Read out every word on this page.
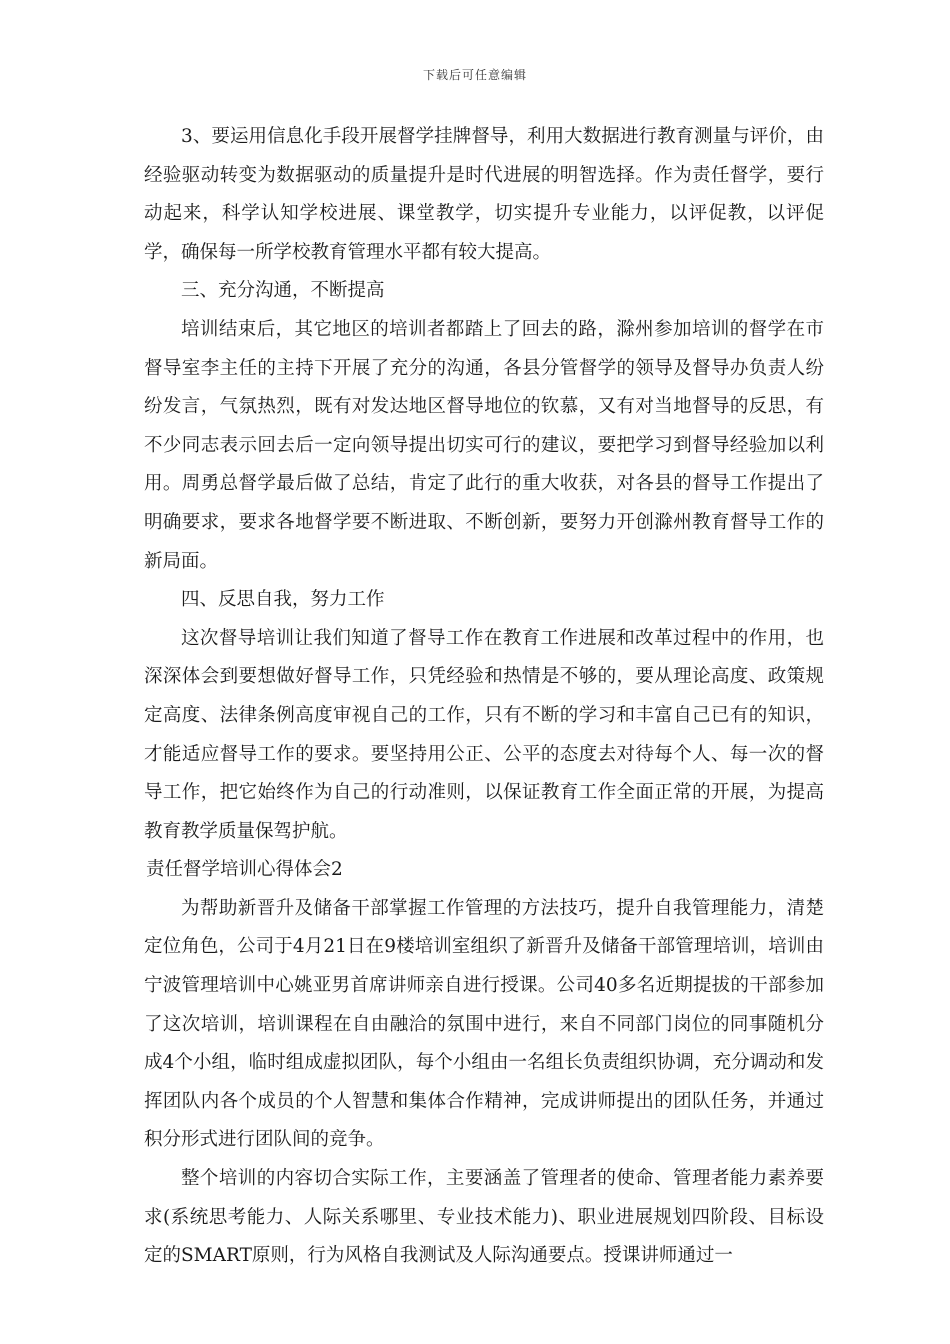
下载后可任意编辑

3、要运用信息化手段开展督学挂牌督导，利用大数据进行教育测量与评价，由经验驱动转变为数据驱动的质量提升是时代进展的明智选择。作为责任督学，要行动起来，科学认知学校进展、课堂教学，切实提升专业能力，以评促教，以评促学，确保每一所学校教育管理水平都有较大提高。

三、充分沟通，不断提高

培训结束后，其它地区的培训者都踏上了回去的路，滁州参加培训的督学在市督导室李主任的主持下开展了充分的沟通，各县分管督学的领导及督导办负责人纷纷发言，气氛热烈，既有对发达地区督导地位的钦慕，又有对当地督导的反思，有不少同志表示回去后一定向领导提出切实可行的建议，要把学习到督导经验加以利用。周勇总督学最后做了总结，肯定了此行的重大收获，对各县的督导工作提出了明确要求，要求各地督学要不断进取、不断创新，要努力开创滁州教育督导工作的新局面。

四、反思自我，努力工作

这次督导培训让我们知道了督导工作在教育工作进展和改革过程中的作用，也深深体会到要想做好督导工作，只凭经验和热情是不够的，要从理论高度、政策规定高度、法律条例高度审视自己的工作，只有不断的学习和丰富自己已有的知识，才能适应督导工作的要求。要坚持用公正、公平的态度去对待每个人、每一次的督导工作，把它始终作为自己的行动准则，以保证教育工作全面正常的开展，为提高教育教学质量保驾护航。

责任督学培训心得体会2

为帮助新晋升及储备干部掌握工作管理的方法技巧，提升自我管理能力，清楚定位角色，公司于4月21日在9楼培训室组织了新晋升及储备干部管理培训，培训由宁波管理培训中心姚亚男首席讲师亲自进行授课。公司40多名近期提拔的干部参加了这次培训，培训课程在自由融洽的氛围中进行，来自不同部门岗位的同事随机分成4个小组，临时组成虚拟团队，每个小组由一名组长负责组织协调，充分调动和发挥团队内各个成员的个人智慧和集体合作精神，完成讲师提出的团队任务，并通过积分形式进行团队间的竞争。

整个培训的内容切合实际工作，主要涵盖了管理者的使命、管理者能力素养要求(系统思考能力、人际关系哪里、专业技术能力)、职业进展规划四阶段、目标设定的SMART原则，行为风格自我测试及人际沟通要点。授课讲师通过一
